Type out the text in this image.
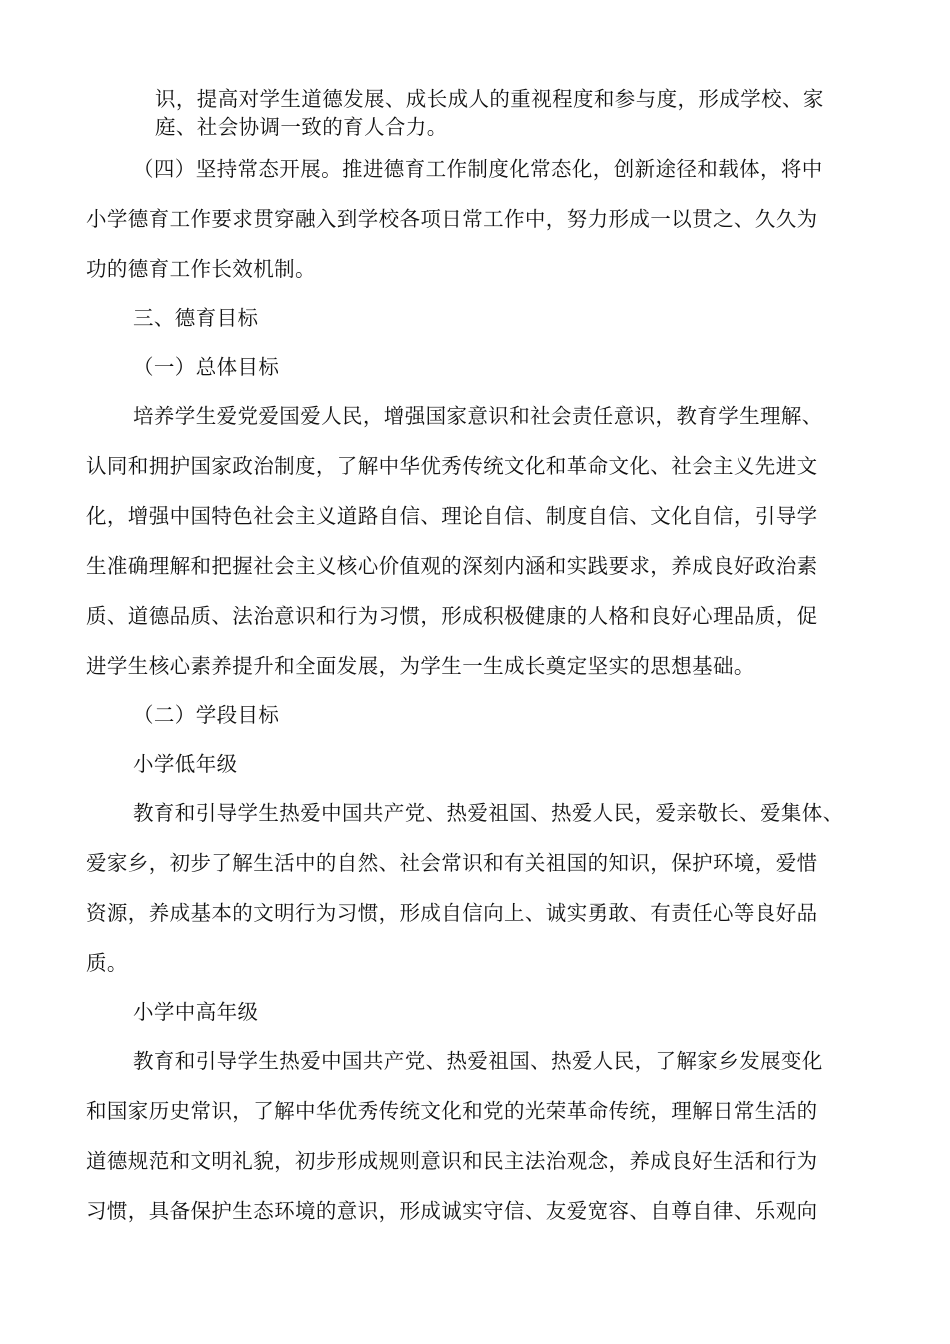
识，提高对学生道德发展、成长成人的重视程度和参与度，形成学校、家
庭、社会协调一致的育人合力。
（四）坚持常态开展。推进德育工作制度化常态化，创新途径和载体，将中
小学德育工作要求贯穿融入到学校各项日常工作中，努力形成一以贯之、久久为
功的德育工作长效机制。
三、德育目标
（一）总体目标
培养学生爱党爱国爱人民，增强国家意识和社会责任意识，教育学生理解、
认同和拥护国家政治制度，了解中华优秀传统文化和革命文化、社会主义先进文
化，增强中国特色社会主义道路自信、理论自信、制度自信、文化自信，引导学
生准确理解和把握社会主义核心价值观的深刻内涵和实践要求，养成良好政治素
质、道德品质、法治意识和行为习惯，形成积极健康的人格和良好心理品质，促
进学生核心素养提升和全面发展，为学生一生成长奠定坚实的思想基础。
（二）学段目标
小学低年级
教育和引导学生热爱中国共产党、热爱祖国、热爱人民，爱亲敬长、爱集体、
爱家乡，初步了解生活中的自然、社会常识和有关祖国的知识，保护环境，爱惜
资源，养成基本的文明行为习惯，形成自信向上、诚实勇敢、有责任心等良好品
质。
小学中高年级
教育和引导学生热爱中国共产党、热爱祖国、热爱人民，了解家乡发展变化
和国家历史常识，了解中华优秀传统文化和党的光荣革命传统，理解日常生活的
道德规范和文明礼貌，初步形成规则意识和民主法治观念，养成良好生活和行为
习惯，具备保护生态环境的意识，形成诚实守信、友爱宽容、自尊自律、乐观向
